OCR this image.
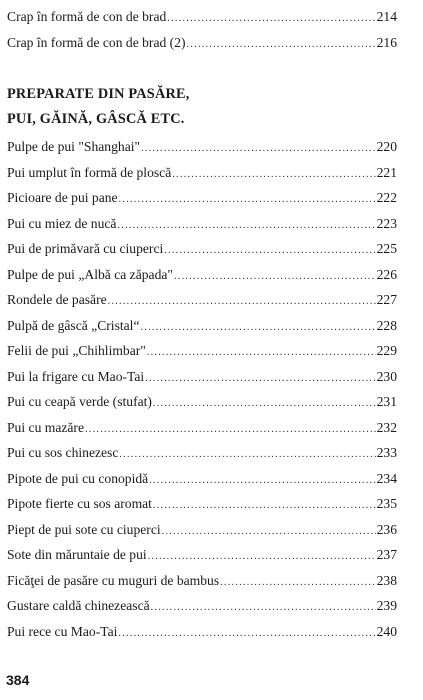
Crap în formă de con de brad .....	214
Crap în formă de con de brad (2) .....	216
PREPARATE DIN PASĂRE,
PUI, GĂINĂ, GÂSCĂ ETC.
Pulpe de pui "Shanghai" .....	220
Pui umplut în formă de ploscă .....	221
Picioare de pui pane .....	222
Pui cu miez de nucă .....	223
Pui de primăvară cu ciuperci .....	225
Pulpe de pui „Albă ca zăpada" .....	226
Rondele de pasăre .....	227
Pulpă de gâscă „Cristal“ .....	228
Felii de pui „Chihlimbar" .....	229
Pui la frigare cu Mao-Tai .....	230
Pui cu ceapă verde (stufat) .....	231
Pui cu mazăre .....	232
Pui cu sos chinezesc .....	233
Pipote de pui cu conopidă .....	234
Pipote fierte cu sos aromat .....	235
Piept de pui sote cu ciuperci .....	236
Sote din măruntaie de pui .....	237
Ficăţei de pasăre cu muguri de bambus .....	238
Gustare caldă chinezească .....	239
Pui rece cu Mao-Tai .....	240
384
